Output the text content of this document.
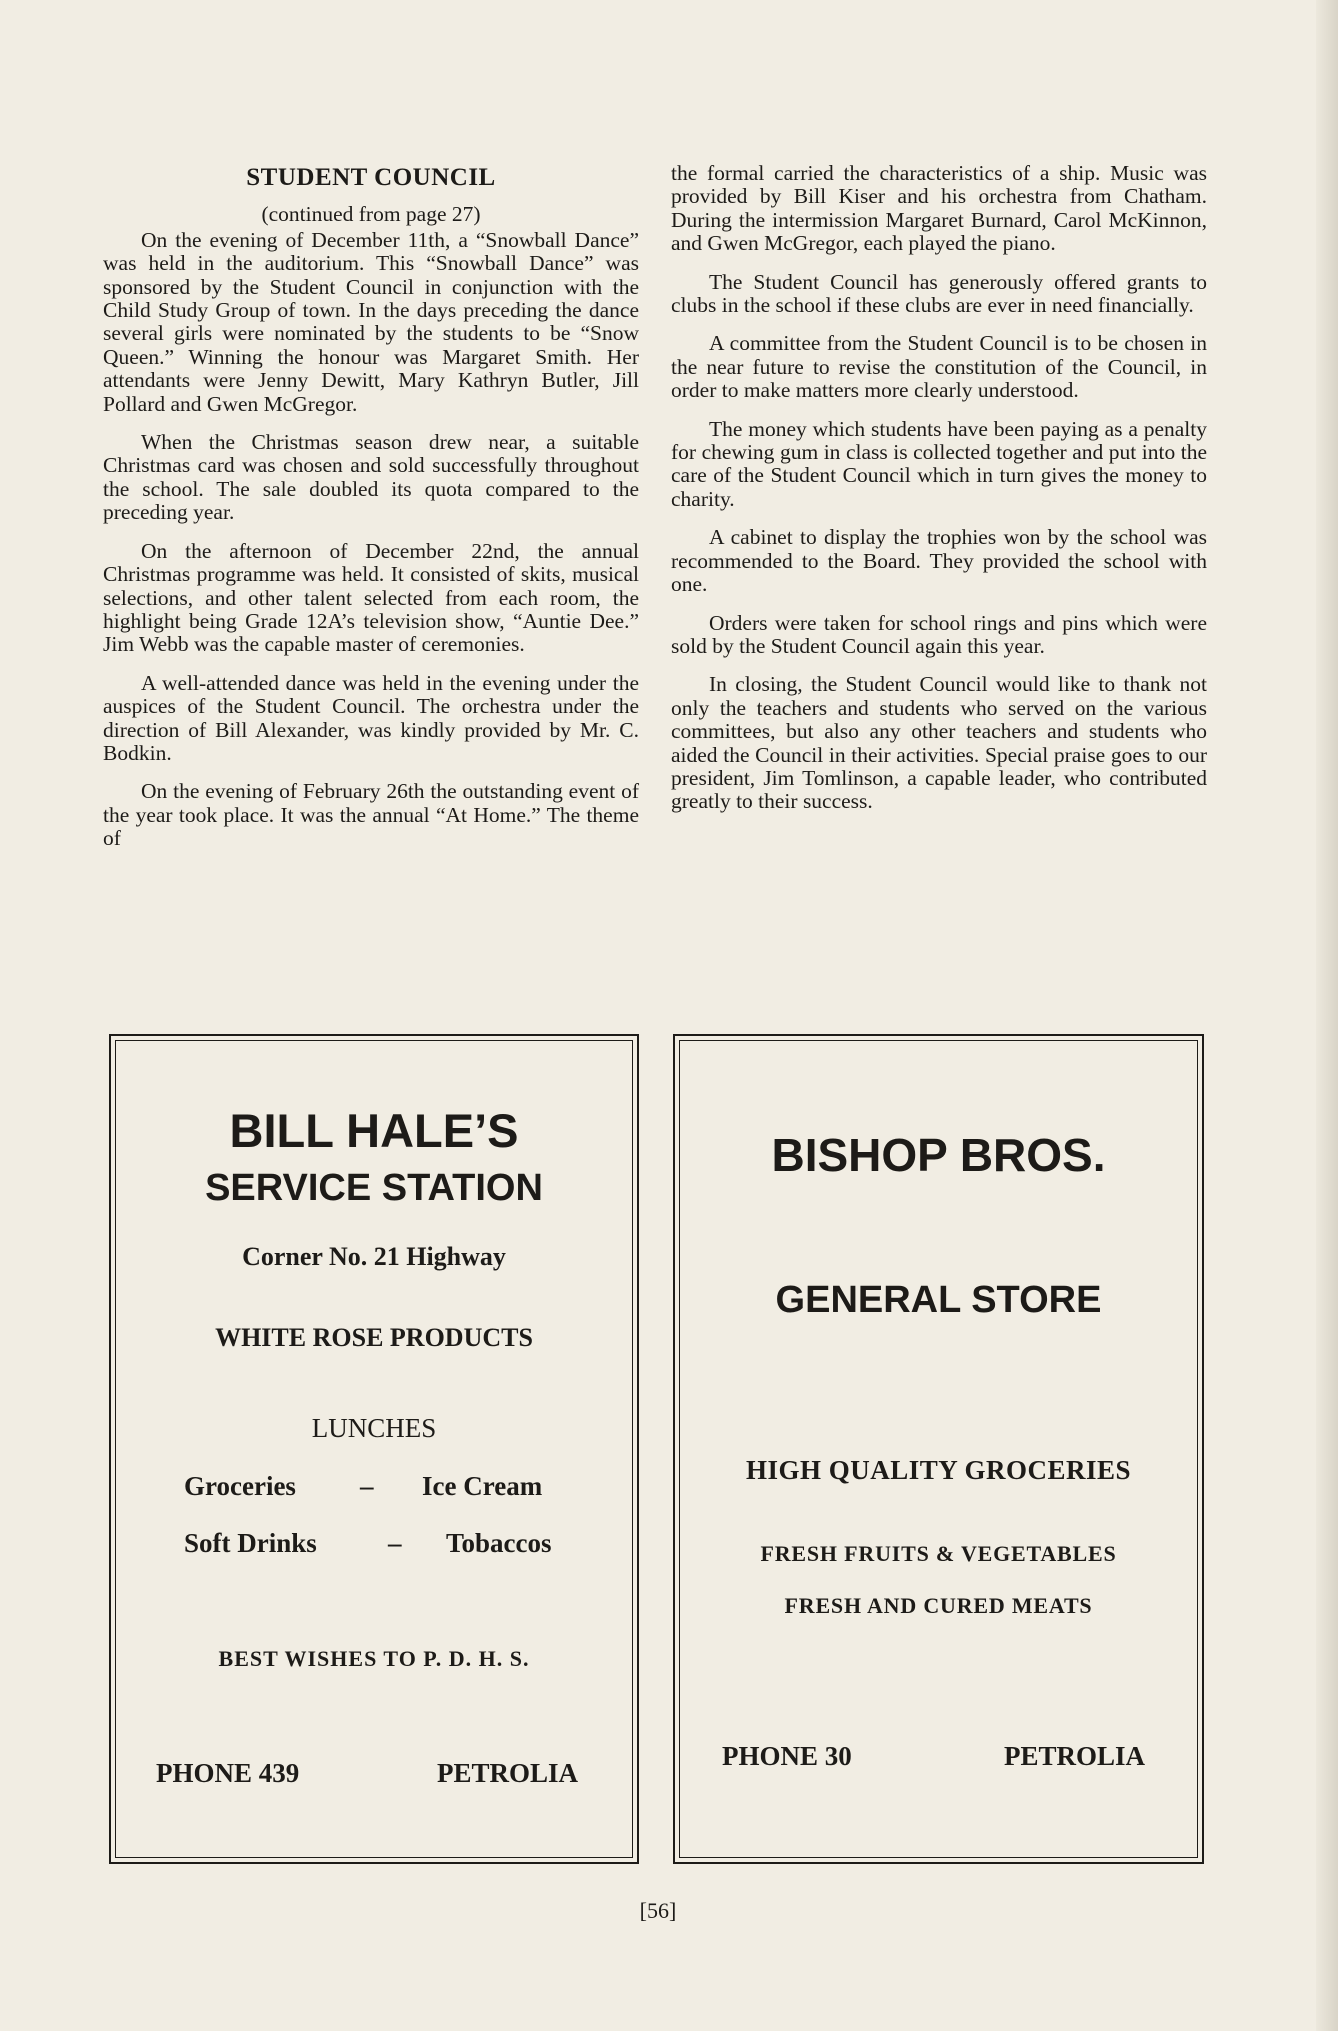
STUDENT COUNCIL
(continued from page 27)

On the evening of December 11th, a “Snowball Dance” was held in the auditorium. This “Snowball Dance” was sponsored by the Student Council in conjunction with the Child Study Group of town. In the days preceding the dance several girls were nominated by the students to be “Snow Queen.” Winning the honour was Margaret Smith. Her attendants were Jenny Dewitt, Mary Kathryn Butler, Jill Pollard and Gwen McGregor.

When the Christmas season drew near, a suitable Christmas card was chosen and sold successfully throughout the school. The sale doubled its quota compared to the preceding year.

On the afternoon of December 22nd, the annual Christmas programme was held. It consisted of skits, musical selections, and other talent selected from each room, the highlight being Grade 12A’s television show, “Auntie Dee.” Jim Webb was the capable master of ceremonies.

A well-attended dance was held in the evening under the auspices of the Student Council. The orchestra under the direction of Bill Alexander, was kindly provided by Mr. C. Bodkin.

On the evening of February 26th the outstanding event of the year took place. It was the annual “At Home.” The theme of

the formal carried the characteristics of a ship. Music was provided by Bill Kiser and his orchestra from Chatham. During the intermission Margaret Burnard, Carol McKinnon, and Gwen McGregor, each played the piano.

The Student Council has generously offered grants to clubs in the school if these clubs are ever in need financially.

A committee from the Student Council is to be chosen in the near future to revise the constitution of the Council, in order to make matters more clearly understood.

The money which students have been paying as a penalty for chewing gum in class is collected together and put into the care of the Student Council which in turn gives the money to charity.

A cabinet to display the trophies won by the school was recommended to the Board. They provided the school with one.

Orders were taken for school rings and pins which were sold by the Student Council again this year.

In closing, the Student Council would like to thank not only the teachers and students who served on the various committees, but also any other teachers and students who aided the Council in their activities. Special praise goes to our president, Jim Tomlinson, a capable leader, who contributed greatly to their success.

BILL HALE’S
SERVICE STATION
Corner No. 21 Highway
WHITE ROSE PRODUCTS
LUNCHES
Groceries – Ice Cream
Soft Drinks	– Tobaccos
BEST WISHES TO P. D. H. S.
PHONE 439	PETROLIA
BISHOP BROS.
GENERAL STORE
HIGH QUALITY GROCERIES
FRESH FRUITS & VEGETABLES
FRESH AND CURED MEATS
PHONE 30	PETROLIA
[56]
